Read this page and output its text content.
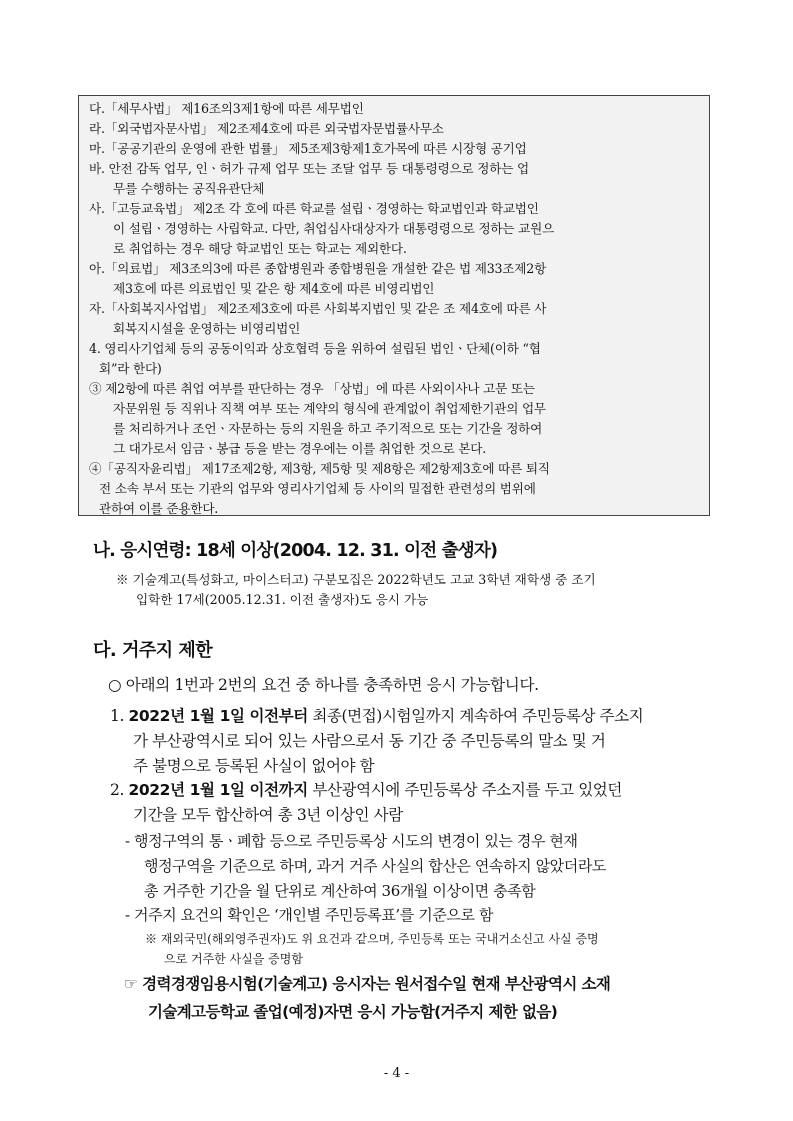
다.「세무사법」 제16조의3제1항에 따른 세무법인
라.「외국법자문사법」 제2조제4호에 따른 외국법자문법률사무소
마.「공공기관의 운영에 관한 법률」 제5조제3항제1호가목에 따른 시장형 공기업
바. 안전 감독 업무, 인ㆍ허가 규제 업무 또는 조달 업무 등 대통령령으로 정하는 업
무를 수행하는 공직유관단체
사.「고등교육법」 제2조 각 호에 따른 학교를 설립ㆍ경영하는 학교법인과 학교법인
이 설립ㆍ경영하는 사립학교. 다만, 취업심사대상자가 대통령령으로 정하는 교원으
로 취업하는 경우 해당 학교법인 또는 학교는 제외한다.
아.「의료법」 제3조의3에 따른 종합병원과 종합병원을 개설한 같은 법 제33조제2항
제3호에 따른 의료법인 및 같은 항 제4호에 따른 비영리법인
자.「사회복지사업법」 제2조제3호에 따른 사회복지법인 및 같은 조 제4호에 따른 사
회복지시설을 운영하는 비영리법인
4. 영리사기업체 등의 공동이익과 상호협력 등을 위하여 설립된 법인ㆍ단체(이하 “협
회”라 한다)
③ 제2항에 따른 취업 여부를 판단하는 경우 「상법」에 따른 사외이사나 고문 또는
자문위원 등 직위나 직책 여부 또는 계약의 형식에 관계없이 취업제한기관의 업무
를 처리하거나 조언ㆍ자문하는 등의 지원을 하고 주기적으로 또는 기간을 정하여
그 대가로서 임금ㆍ봉급 등을 받는 경우에는 이를 취업한 것으로 본다.
④「공직자윤리법」 제17조제2항, 제3항, 제5항 및 제8항은 제2항제3호에 따른 퇴직
전 소속 부서 또는 기관의 업무와 영리사기업체 등 사이의 밀접한 관련성의 범위에
관하여 이를 준용한다.
나. 응시연령: 18세 이상(2004. 12. 31. 이전 출생자)
※ 기술계고(특성화고, 마이스터고) 구분모집은 2022학년도 고교 3학년 재학생 중 조기
입학한 17세(2005.12.31. 이전 출생자)도 응시 가능
다. 거주지 제한
○ 아래의 1번과 2번의 요건 중 하나를 충족하면 응시 가능합니다.
1. 2022년 1월 1일 이전부터 최종(면접)시험일까지 계속하여 주민등록상 주소지
가 부산광역시로 되어 있는 사람으로서 동 기간 중 주민등록의 말소 및 거
주 불명으로 등록된 사실이 없어야 함
2. 2022년 1월 1일 이전까지 부산광역시에 주민등록상 주소지를 두고 있었던
기간을 모두 합산하여 총 3년 이상인 사람
- 행정구역의 통ㆍ폐합 등으로 주민등록상 시도의 변경이 있는 경우 현재
행정구역을 기준으로 하며, 과거 거주 사실의 합산은 연속하지 않았더라도
총 거주한 기간을 월 단위로 계산하여 36개월 이상이면 충족함
- 거주지 요건의 확인은 ‘개인별 주민등록표’를 기준으로 함
※ 재외국민(해외영주권자)도 위 요건과 같으며, 주민등록 또는 국내거소신고 사실 증명
으로 거주한 사실을 증명함
☞ 경력경쟁임용시험(기술계고) 응시자는 원서접수일 현재 부산광역시 소재
기술계고등학교 졸업(예정)자면 응시 가능함(거주지 제한 없음)
- 4 -
